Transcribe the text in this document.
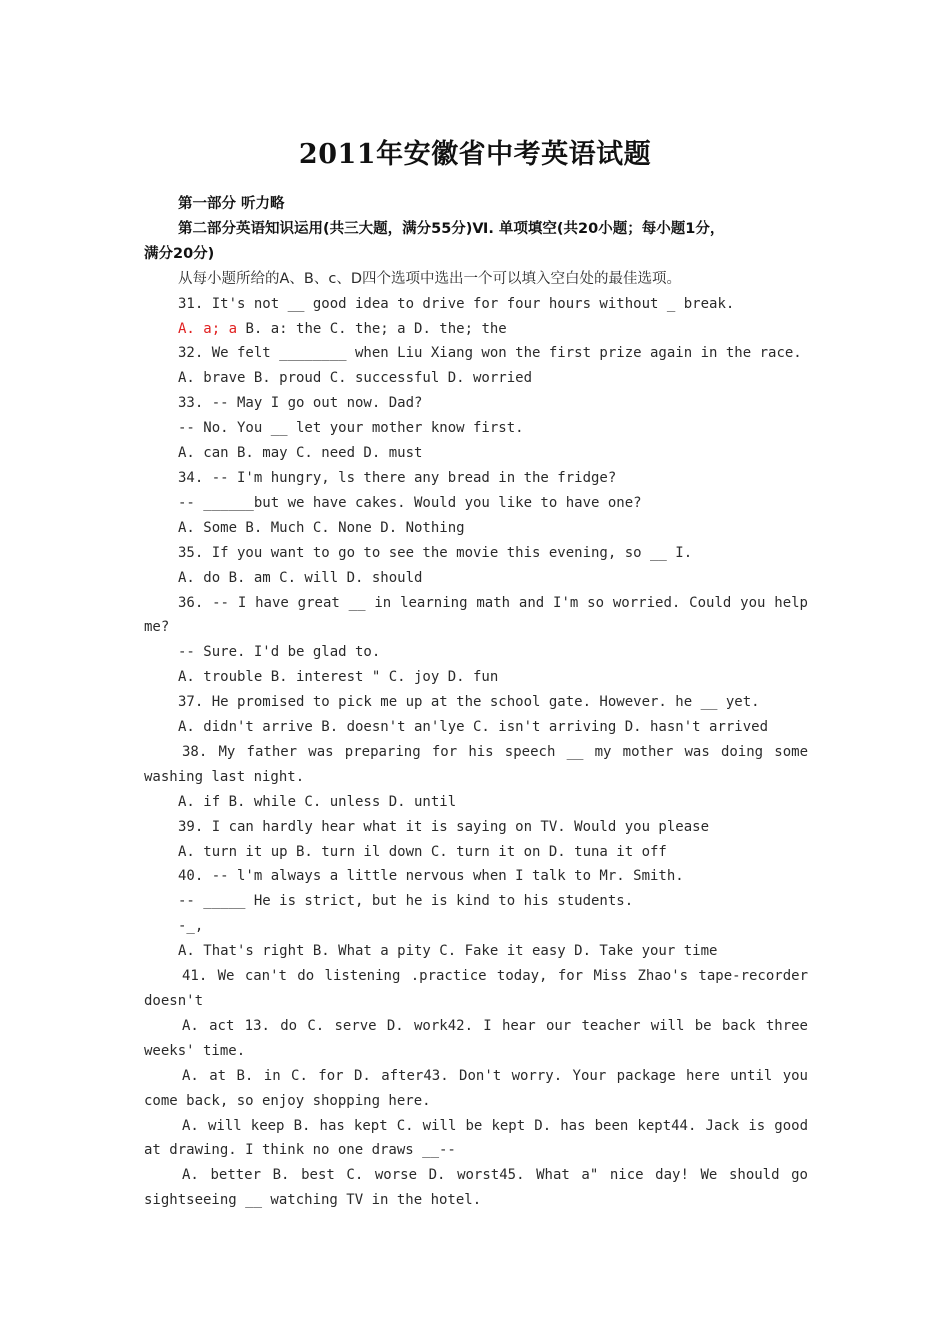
2011年安徽省中考英语试题
第一部分 听力略
第二部分英语知识运用(共三大题，满分55分)Ⅵ. 单项填空(共20小题；每小题1分，
满分20分)
从每小题所给的A、B、c、D四个选项中选出一个可以填入空白处的最佳选项。
31. It's not __ good idea to drive for four hours without _ break.
A. a; a B. a: the C. the; a D. the; the
32. We felt ________ when Liu Xiang won the first prize again in the race.
A. brave B. proud C. successful D. worried
33. -- May I go out now. Dad?
-- No. You __ let your mother know first.
A. can B. may C. need D. must
34. -- I'm hungry, ls there any bread in the fridge?
-- ______but we have cakes. Would you like to have one?
A. Some B. Much C. None D. Nothing
35. If you want to go to see the movie this evening, so __ I.
A. do B. am C. will D. should
36. -- I have great __ in learning math and I'm so worried. Could you help
me?
-- Sure. I'd be glad to.
A. trouble B. interest " C. joy D. fun
37. He promised to pick me up at the school gate. However. he __ yet.
A. didn't arrive B. doesn't an'lye C. isn't arriving D. hasn't arrived
38. My father was preparing for his speech __ my mother was doing some
washing last night.
A. if B. while C. unless D. until
39. I can hardly hear what it is saying on TV. Would you please
A. turn it up B. turn il down C. turn it on D. tuna it off
40. -- l'm always a little nervous when I talk to Mr. Smith.
-- _____ He is strict, but he is kind to his students.
-_,
A. That's right B. What a pity C. Fake it easy D. Take your time
41. We can't do listening .practice today, for Miss Zhao's tape-recorder
doesn't
A. act 13. do C. serve D. work42. I hear our teacher will be back three
weeks' time.
A. at B. in C. for D. after43. Don't worry. Your package here until you
come back, so enjoy shopping here.
A. will keep B. has kept C. will be kept D. has been kept44. Jack is good
at drawing. I think no one draws __--
A. better B. best C. worse D. worst45. What a" nice day! We should go
sightseeing __ watching TV in the hotel.
